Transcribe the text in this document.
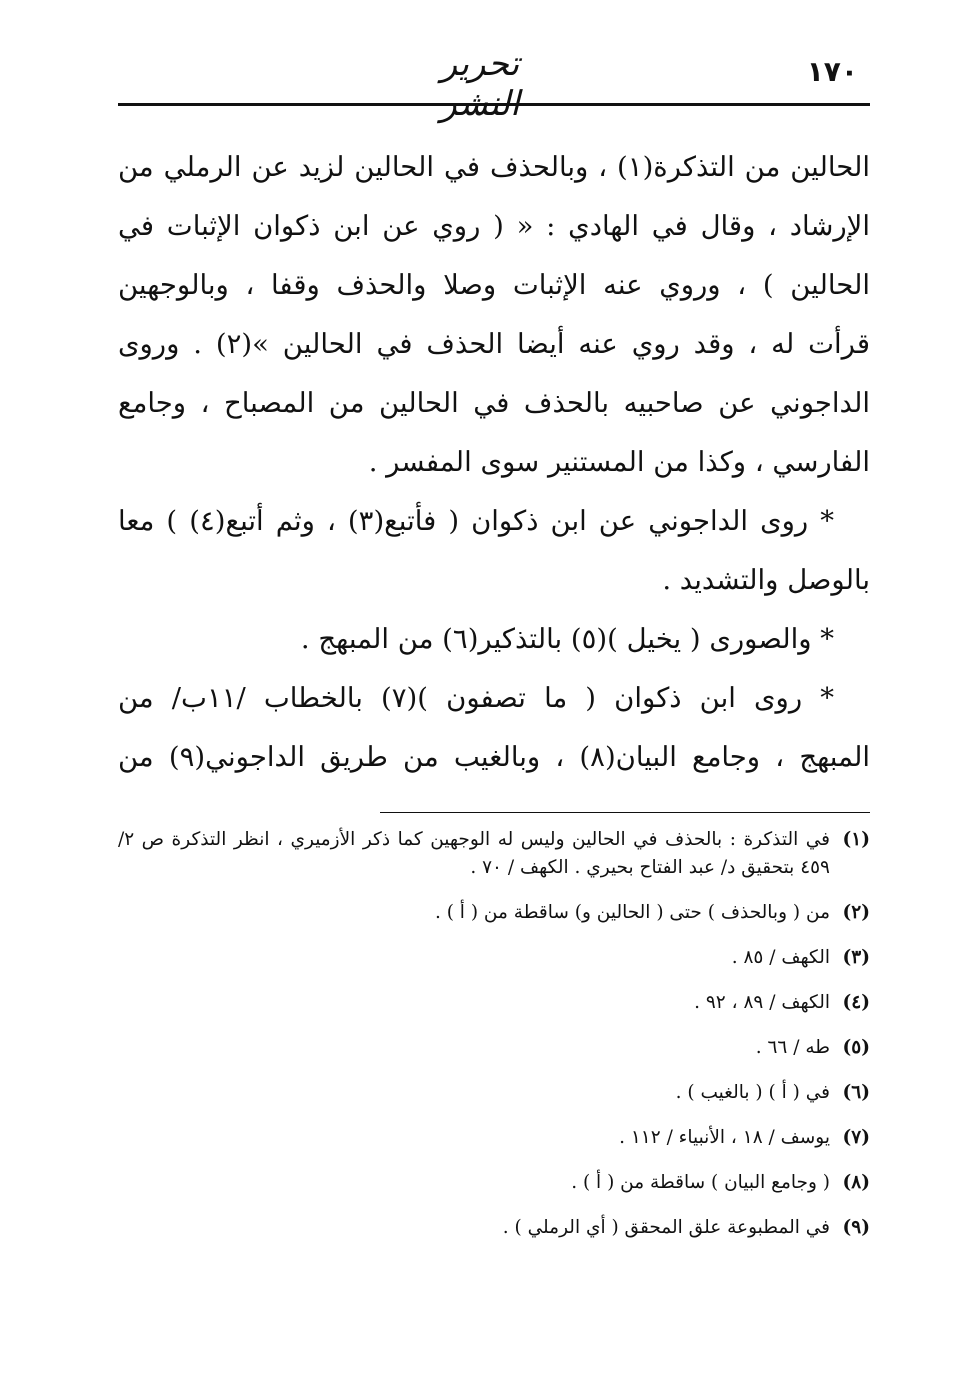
١٧٠
تحرير النشر
الحالين من التذكرة(١) ، وبالحذف في الحالين لزيد عن الرملي من
الإرشاد ، وقال في الهادي : « ( روي عن ابن ذكوان الإثبات في
الحالين ) ، وروي عنه الإثبات وصلا والحذف وقفا ، وبالوجهين
قرأت له ، وقد روي عنه أيضا الحذف في الحالين »(٢) . وروى
الداجوني عن صاحبيه بالحذف في الحالين من المصباح ، وجامع
الفارسي ، وكذا من المستنير سوى المفسر .
* روى الداجوني عن ابن ذكوان ( فأتبع(٣) ، وثم أتبع(٤) ) معا
بالوصل والتشديد .
* والصورى ( يخيل )(٥) بالتذكير(٦) من المبهج .
* روى ابن ذكوان ( ما تصفون )(٧) بالخطاب /١١ب/ من
المبهج ، وجامع البيان(٨) ، وبالغيب من طريق الداجوني(٩) من
(١)
في التذكرة : بالحذف في الحالين وليس له الوجهين كما ذكر الأزميري ، انظر التذكرة ص ٢/ ٤٥٩ بتحقيق د/ عبد الفتاح بحيري . الكهف / ٧٠ .
(٢)
من ( وبالحذف ) حتى ( الحالين و) ساقطة من ( أ ) .
(٣)
الكهف / ٨٥ .
(٤)
الكهف / ٨٩ ، ٩٢ .
(٥)
طه / ٦٦ .
(٦)
في ( أ ) ( بالغيب ) .
(٧)
يوسف / ١٨ ، الأنبياء / ١١٢ .
(٨)
( وجامع البيان ) ساقطة من ( أ ) .
(٩)
في المطبوعة علق المحقق ( أي الرملي ) .
